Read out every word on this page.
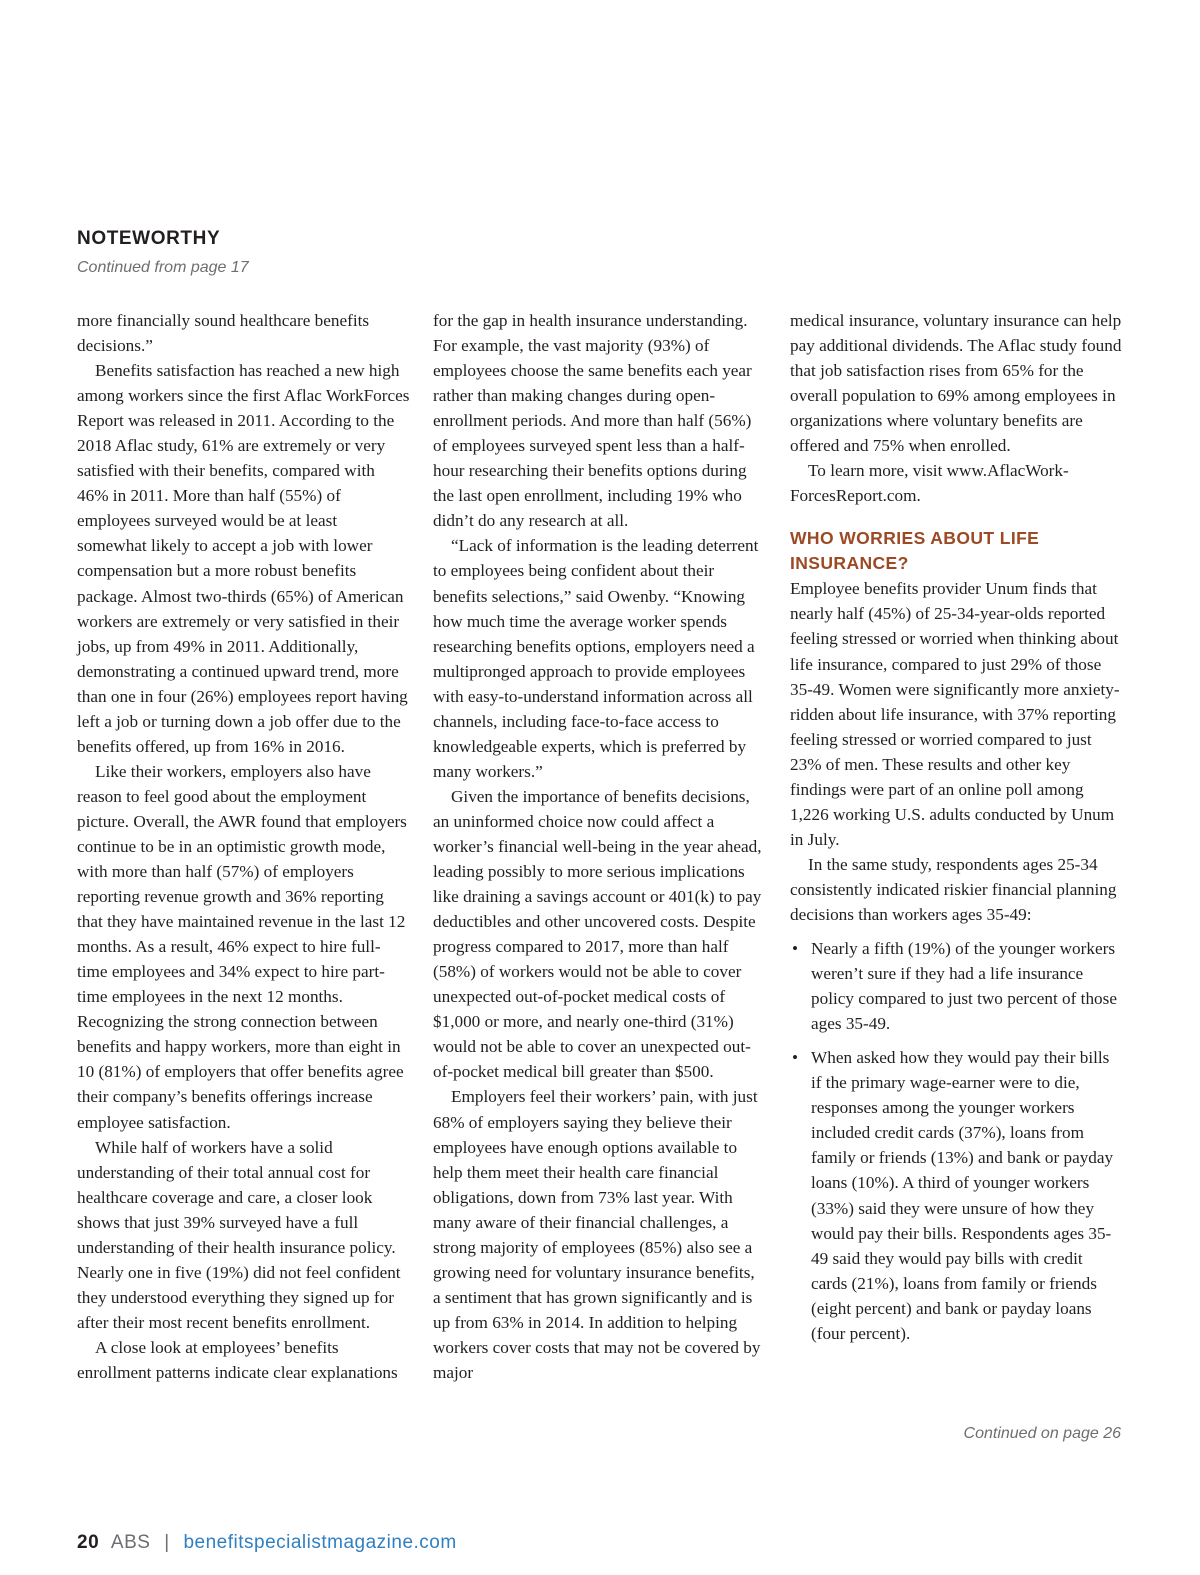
NOTEWORTHY
Continued from page 17

more financially sound healthcare benefits decisions.”

Benefits satisfaction has reached a new high among workers since the first Aflac WorkForces Report was released in 2011. According to the 2018 Aflac study, 61% are extremely or very satisfied with their benefits, compared with 46% in 2011. More than half (55%) of employees surveyed would be at least somewhat likely to accept a job with lower compensation but a more robust benefits package. Almost two-thirds (65%) of American workers are extremely or very satisfied in their jobs, up from 49% in 2011. Additionally, demonstrating a continued upward trend, more than one in four (26%) employees report having left a job or turning down a job offer due to the benefits offered, up from 16% in 2016.

Like their workers, employers also have reason to feel good about the employment picture. Overall, the AWR found that employers continue to be in an optimistic growth mode, with more than half (57%) of employers reporting revenue growth and 36% reporting that they have maintained revenue in the last 12 months. As a result, 46% expect to hire full-time employees and 34% expect to hire part-time employees in the next 12 months. Recognizing the strong connection between benefits and happy workers, more than eight in 10 (81%) of employers that offer benefits agree their company’s benefits offerings increase employee satisfaction.

While half of workers have a solid understanding of their total annual cost for healthcare coverage and care, a closer look shows that just 39% surveyed have a full understanding of their health insurance policy. Nearly one in five (19%) did not feel confident they understood everything they signed up for after their most recent benefits enrollment.

A close look at employees’ benefits enrollment patterns indicate clear explanations

for the gap in health insurance understanding. For example, the vast majority (93%) of employees choose the same benefits each year rather than making changes during open-enrollment periods. And more than half (56%) of employees surveyed spent less than a half-hour researching their benefits options during the last open enrollment, including 19% who didn’t do any research at all.

“Lack of information is the leading deterrent to employees being confident about their benefits selections,” said Owenby. “Knowing how much time the average worker spends researching benefits options, employers need a multipronged approach to provide employees with easy-to-understand information across all channels, including face-to-face access to knowledgeable experts, which is preferred by many workers.”

Given the importance of benefits decisions, an uninformed choice now could affect a worker’s financial well-being in the year ahead, leading possibly to more serious implications like draining a savings account or 401(k) to pay deductibles and other uncovered costs. Despite progress compared to 2017, more than half (58%) of workers would not be able to cover unexpected out-of-pocket medical costs of $1,000 or more, and nearly one-third (31%) would not be able to cover an unexpected out-of-pocket medical bill greater than $500.

Employers feel their workers’ pain, with just 68% of employers saying they believe their employees have enough options available to help them meet their health care financial obligations, down from 73% last year. With many aware of their financial challenges, a strong majority of employees (85%) also see a growing need for voluntary insurance benefits, a sentiment that has grown significantly and is up from 63% in 2014. In addition to helping workers cover costs that may not be covered by major

medical insurance, voluntary insurance can help pay additional dividends. The Aflac study found that job satisfaction rises from 65% for the overall population to 69% among employees in organizations where voluntary benefits are offered and 75% when enrolled.

To learn more, visit www.AflacWork-ForcesReport.com.

WHO WORRIES ABOUT LIFE INSURANCE?

Employee benefits provider Unum finds that nearly half (45%) of 25-34-year-olds reported feeling stressed or worried when thinking about life insurance, compared to just 29% of those 35-49. Women were significantly more anxiety-ridden about life insurance, with 37% reporting feeling stressed or worried compared to just 23% of men. These results and other key findings were part of an online poll among 1,226 working U.S. adults conducted by Unum in July.

In the same study, respondents ages 25-34 consistently indicated riskier financial planning decisions than workers ages 35-49:

• Nearly a fifth (19%) of the younger workers weren’t sure if they had a life insurance policy compared to just two percent of those ages 35-49.
• When asked how they would pay their bills if the primary wage-earner were to die, responses among the younger workers included credit cards (37%), loans from family or friends (13%) and bank or payday loans (10%). A third of younger workers (33%) said they were unsure of how they would pay their bills. Respondents ages 35-49 said they would pay bills with credit cards (21%), loans from family or friends (eight percent) and bank or payday loans (four percent).
Continued on page 26
20 ABS | benefitspecialistmagazine.com
